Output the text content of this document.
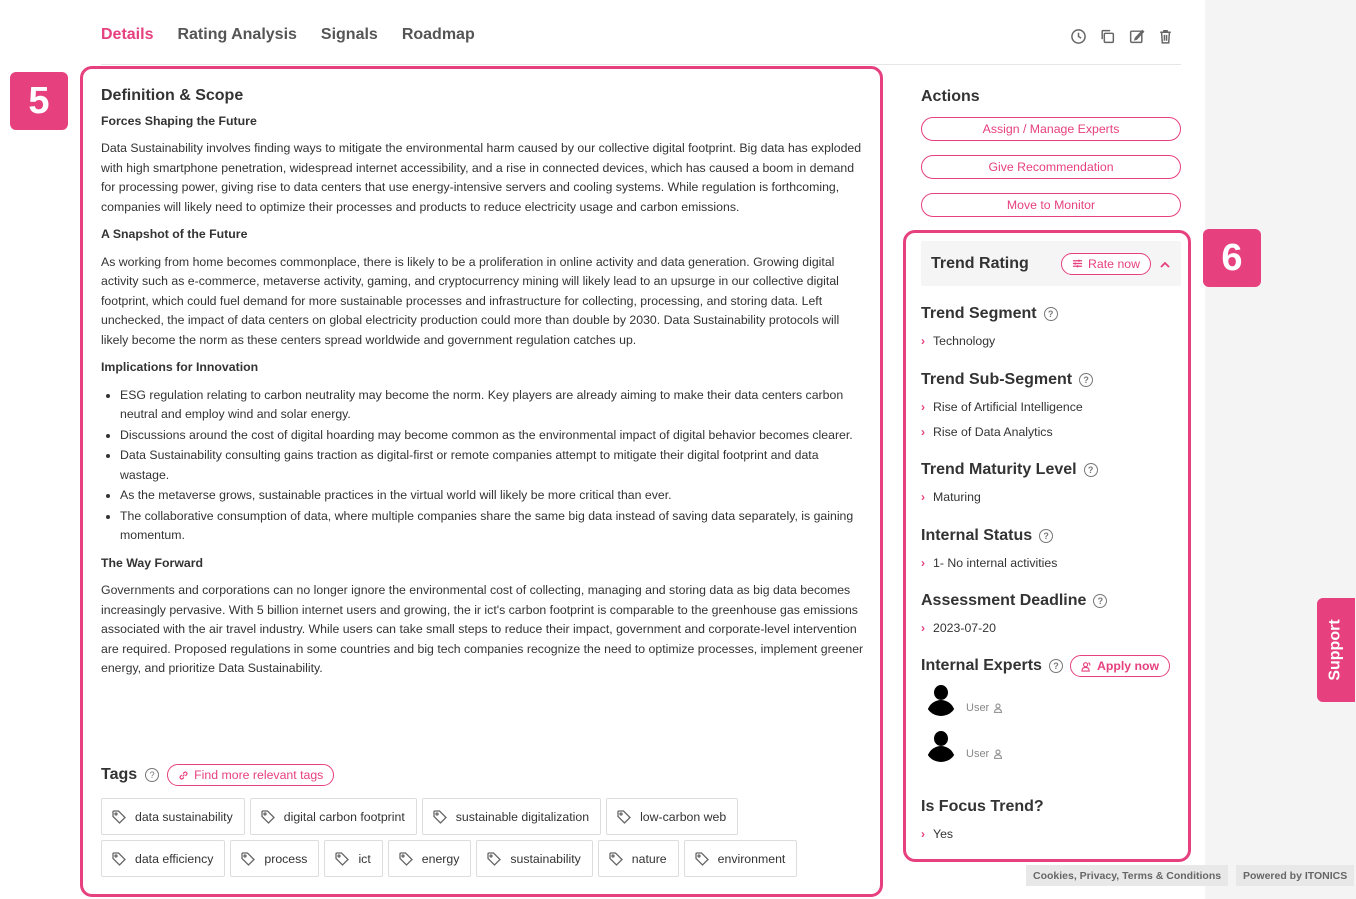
Details Rating Analysis Signals Roadmap
Definition & Scope
Forces Shaping the Future

Data Sustainability involves finding ways to mitigate the environmental harm caused by our collective digital footprint. Big data has exploded with high smartphone penetration, widespread internet accessibility, and a rise in connected devices, which has caused a boom in demand for processing power, giving rise to data centers that use energy-intensive servers and cooling systems. While regulation is forthcoming, companies will likely need to optimize their processes and products to reduce electricity usage and carbon emissions.

A Snapshot of the Future

As working from home becomes commonplace, there is likely to be a proliferation in online activity and data generation. Growing digital activity such as e-commerce, metaverse activity, gaming, and cryptocurrency mining will likely lead to an upsurge in our collective digital footprint, which could fuel demand for more sustainable processes and infrastructure for collecting, processing, and storing data. Left unchecked, the impact of data centers on global electricity production could more than double by 2030. Data Sustainability protocols will likely become the norm as these centers spread worldwide and government regulation catches up.

Implications for Innovation
• ESG regulation relating to carbon neutrality may become the norm. Key players are already aiming to make their data centers carbon neutral and employ wind and solar energy.
• Discussions around the cost of digital hoarding may become common as the environmental impact of digital behavior becomes clearer.
• Data Sustainability consulting gains traction as digital-first or remote companies attempt to mitigate their digital footprint and data wastage.
• As the metaverse grows, sustainable practices in the virtual world will likely be more critical than ever.
• The collaborative consumption of data, where multiple companies share the same big data instead of saving data separately, is gaining momentum.
The Way Forward

Governments and corporations can no longer ignore the environmental cost of collecting, managing and storing data as big data becomes increasingly pervasive. With 5 billion internet users and growing, the ir ict's carbon footprint is comparable to the greenhouse gas emissions associated with the air travel industry. While users can take small steps to reduce their impact, government and corporate-level intervention are required. Proposed regulations in some countries and big tech companies recognize the need to optimize processes, implement greener energy, and prioritize Data Sustainability.

Tags	?	Find more relevant tags
data sustainability	digital carbon footprint	sustainable digitalization	low-carbon web
data efficiency	process	ict	energy	sustainability	nature	environment
Actions
Assign / Manage Experts
Give Recommendation
Move to Monitor
Trend Rating	Rate now
Trend Segment	?
› Technology
Trend Sub-Segment	?
› Rise of Artificial Intelligence
› Rise of Data Analytics
Trend Maturity Level	?
› Maturing
Internal Status	?
› 1- No internal activities
Assessment Deadline	?
› 2023-07-20
Internal Experts	?	Apply now
User
User
Is Focus Trend?
› Yes
5
6
Support
Cookies, Privacy, Terms & Conditions	Powered by ITONICS
